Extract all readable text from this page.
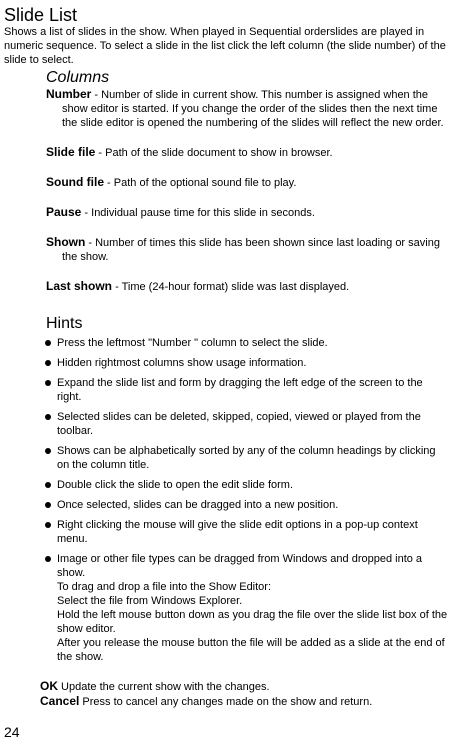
Slide List
Shows a list of slides in the show. When played in Sequential orderslides are played in numeric sequence. To select a slide in the list click the left column (the slide number) of the slide to select.
Columns

Number - Number of slide in current show. This number is assigned when the show editor is started. If you change the order of the slides then the next time the slide editor is opened the numbering of the slides will reflect the new order.

Slide file - Path of the slide document to show in browser.

Sound file - Path of the optional sound file to play.

Pause - Individual pause time for this slide in seconds.

Shown - Number of times this slide has been shown since last loading or saving the show.

Last shown - Time (24-hour format) slide was last displayed.

Hints
Press the leftmost "Number " column to select the slide.
Hidden rightmost columns show usage information.
Expand the slide list and form by dragging the left edge of the screen to the right.
Selected slides can be deleted, skipped, copied, viewed or played from the toolbar.
Shows can be alphabetically sorted by any of the column headings by clicking on the column title.
Double click the slide to open the edit slide form.
Once selected, slides can be dragged into a new position.
Right clicking the mouse will give the slide edit options in a pop-up context menu.
Image or other file types can be dragged from Windows and dropped into a show.
To drag and drop a file into the Show Editor:
Select the file from Windows Explorer.
Hold the left mouse button down as you drag the file over the slide list box of the show editor.
After you release the mouse button the file will be added as a slide at the end of the show.
OK Update the current show with the changes.
Cancel Press to cancel any changes made on the show and return.
24
